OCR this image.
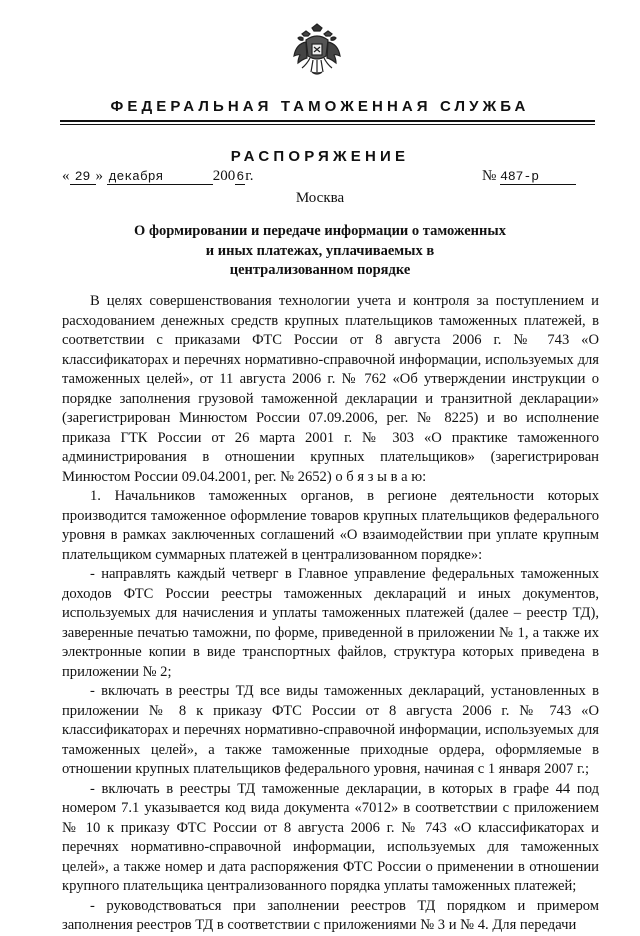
ФЕДЕРАЛЬНАЯ ТАМОЖЕННАЯ СЛУЖБА
РАСПОРЯЖЕНИЕ
« 29 » декабря	2006г.	№ 487-р
Москва
О формировании и передаче информации о таможенных
и иных платежах, уплачиваемых в
централизованном порядке

В целях совершенствования технологии учета и контроля за поступлением и расходованием денежных средств крупных плательщиков таможенных платежей, в соответствии с приказами ФТС России от 8 августа 2006 г. № 743 «О классификаторах и перечнях нормативно-справочной информации, используемых для таможенных целей», от 11 августа 2006 г. № 762 «Об утверждении инструкции о порядке заполнения грузовой таможенной декларации и транзитной декларации» (зарегистрирован Минюстом России 07.09.2006, рег. № 8225) и во исполнение приказа ГТК России от 26 марта 2001 г. № 303 «О практике таможенного администрирования в отношении крупных плательщиков» (зарегистрирован Минюстом России 09.04.2001, рег. № 2652) о б я з ы в а ю:

1. Начальников таможенных органов, в регионе деятельности которых производится таможенное оформление товаров крупных плательщиков федерального уровня в рамках заключенных соглашений «О взаимодействии при уплате крупным плательщиком суммарных платежей в централизованном порядке»:

- направлять каждый четверг в Главное управление федеральных таможенных доходов ФТС России реестры таможенных деклараций и иных документов, используемых для начисления и уплаты таможенных платежей (далее – реестр ТД), заверенные печатью таможни, по форме, приведенной в приложении № 1, а также их электронные копии в виде транспортных файлов, структура которых приведена в приложении № 2;

- включать в реестры ТД все виды таможенных деклараций, установленных в приложении № 8 к приказу ФТС России от 8 августа 2006 г. № 743 «О классификаторах и перечнях нормативно-справочной информации, используемых для таможенных целей», а также таможенные приходные ордера, оформляемые в отношении крупных плательщиков федерального уровня, начиная с 1 января 2007 г.;

- включать в реестры ТД таможенные декларации, в которых в графе 44 под номером 7.1 указывается код вида документа «7012» в соответствии с приложением № 10 к приказу ФТС России от 8 августа 2006 г. № 743 «О классификаторах и перечнях нормативно-справочной информации, используемых для таможенных целей», а также номер и дата распоряжения ФТС России о применении в отношении крупного плательщика централизованного порядка уплаты таможенных платежей;

- руководствоваться при заполнении реестров ТД порядком и примером заполнения реестров ТД в соответствии с приложениями № 3 и № 4. Для передачи
